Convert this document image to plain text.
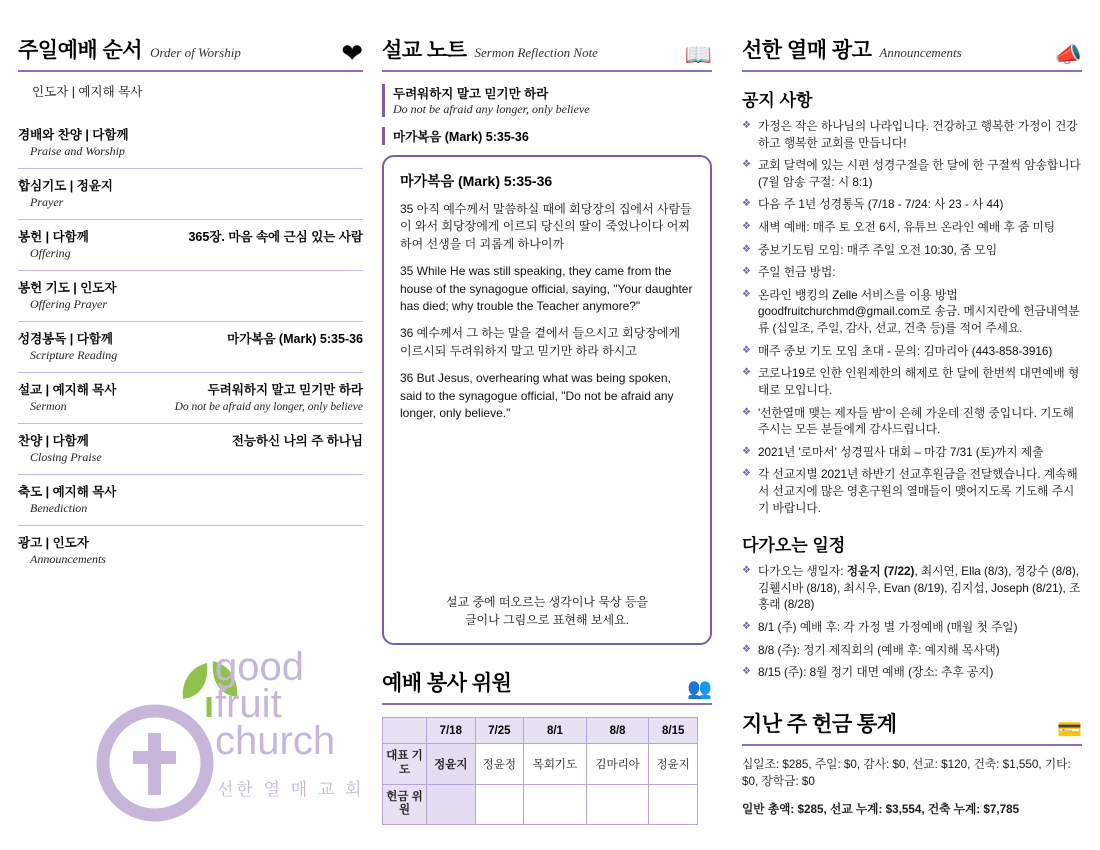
주일예배 순서 Order of Worship	❤
인도자 | 예지해 목사
경배와 찬양 | 다함께
Praise and Worship
합심기도 | 정윤지
Prayer
봉헌 | 다함께	365장. 마음 속에 근심 있는 사람
Offering
봉헌 기도 | 인도자
Offering Prayer
성경봉독 | 다함께	마가복음 (Mark) 5:35-36
Scripture Reading
설교 | 예지해 목사	두려워하지 말고 믿기만 하라
Sermon	Do not be afraid any longer, only believe
찬양 | 다함께	전능하신 나의 주 하나님
Closing Praise
축도 | 예지해 목사
Benediction
광고 | 인도자
Announcements
good
fruit
church
선한 열 매 교 회
설교 노트 Sermon Reflection Note	📖
두려워하지 말고 믿기만 하라
Do not be afraid any longer, only believe
마가복음 (Mark) 5:35-36
마가복음 (Mark) 5:35-36

35 아직 예수께서 말씀하실 때에 회당장의 집에서 사람들이 와서 회당장에게 이르되 당신의 딸이 죽었나이다 어찌하여 선생을 더 괴롭게 하나이까

35 While He was still speaking, they came from the house of the synagogue official, saying, "Your daughter has died; why trouble the Teacher anymore?"

36 예수께서 그 하는 말을 곁에서 들으시고 회당장에게 이르시되 두려워하지 말고 믿기만 하라 하시고

36 But Jesus, overhearing what was being spoken, said to the synagogue official, "Do not be afraid any longer, only believe."

설교 중에 떠오르는 생각이나 묵상 등을
글이나 그림으로 표현해 보세요.
예배 봉사 위원	👥
	7/18	7/25	8/1	8/8	8/15
대표 기도	정윤지	정윤정	목회기도	김마리아	정윤지
헌금 위원					
선한 열매 광고 Announcements	📣
공지 사항
❖ 가정은 작은 하나님의 나라입니다. 건강하고 행복한 가정이 건강하고 행복한 교회를 만듭니다!
❖ 교회 달력에 있는 시편 성경구절을 한 달에 한 구절씩 암송합니다 (7월 암송 구절: 시 8:1)
❖ 다음 주 1년 성경통독 (7/18 - 7/24: 사 23 - 사 44)
❖ 새벽 예배: 매주 토 오전 6시, 유튜브 온라인 예배 후 줌 미팅
❖ 중보기도팀 모임: 매주 주일 오전 10:30, 줌 모임
❖ 주일 헌금 방법:
❖ 온라인 뱅킹의 Zelle 서비스를 이용 방법 goodfruitchurchmd@gmail.com로 송금. 메시지란에 헌금내역분류 (십일조, 주일, 감사, 선교, 건축 등)를 적어 주세요.
❖ 매주 중보 기도 모임 초대 - 문의: 김마리아 (443-858-3916)
❖ 코로나19로 인한 인원제한의 해제로 한 달에 한번씩 대면예배 형태로 모입니다.
❖ '선한열매 맺는 제자들 밤'이 은혜 가운데 진행 중입니다. 기도해 주시는 모든 분들에게 감사드립니다.
❖ 2021년 '로마서' 성경필사 대회 – 마감 7/31 (토)까지 제출
❖ 각 선교지별 2021년 하반기 선교후원금을 전달했습니다. 계속해서 선교지에 많은 영혼구원의 열매들이 맺어지도록 기도해 주시기 바랍니다.
다가오는 일정
❖ 다가오는 생일자: 정윤지 (7/22), 최시연, Ella (8/3), 정강수 (8/8), 김휄시바 (8/18), 최시우, Evan (8/19), 김지섭, Joseph (8/21), 조홍래 (8/28)
❖ 8/1 (주) 예배 후: 각 가정 별 가정예배 (매월 첫 주일)
❖ 8/8 (주): 정기 제직회의 (예배 후: 예지해 목사댁)
❖ 8/15 (주): 8월 정기 대면 예배 (장소: 추후 공지)
지난 주 헌금 통계	💳
십일조: $285, 주일: $0, 감사: $0, 선교: $120, 건축: $1,550, 기타: $0, 장학금: $0
일반 총액: $285, 선교 누계: $3,554, 건축 누계: $7,785
